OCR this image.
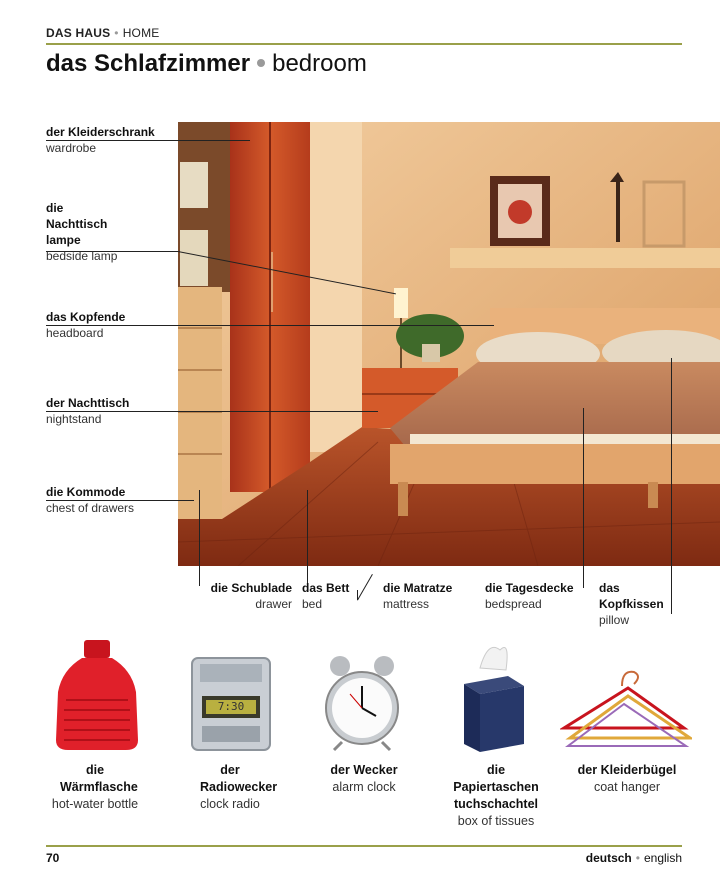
DAS HAUS • HOME
das Schlafzimmer bedroom
der Kleiderschrank
wardrobe
die Nachttisch lampe
bedside lamp
das Kopfende
headboard
der Nachttisch
nightstand
die Kommode
chest of drawers
die Schublade
drawer
das Bett
bed
die Matratze
mattress
die Tagesdecke
bedspread
das Kopfkissen
pillow
7:30
die Wärmflasche
hot-water bottle
der Radiowecker
clock radio
der Wecker
alarm clock
die Papiertaschen tuchschachtel
box of tissues
der Kleiderbügel
coat hanger
70	deutsch • english
